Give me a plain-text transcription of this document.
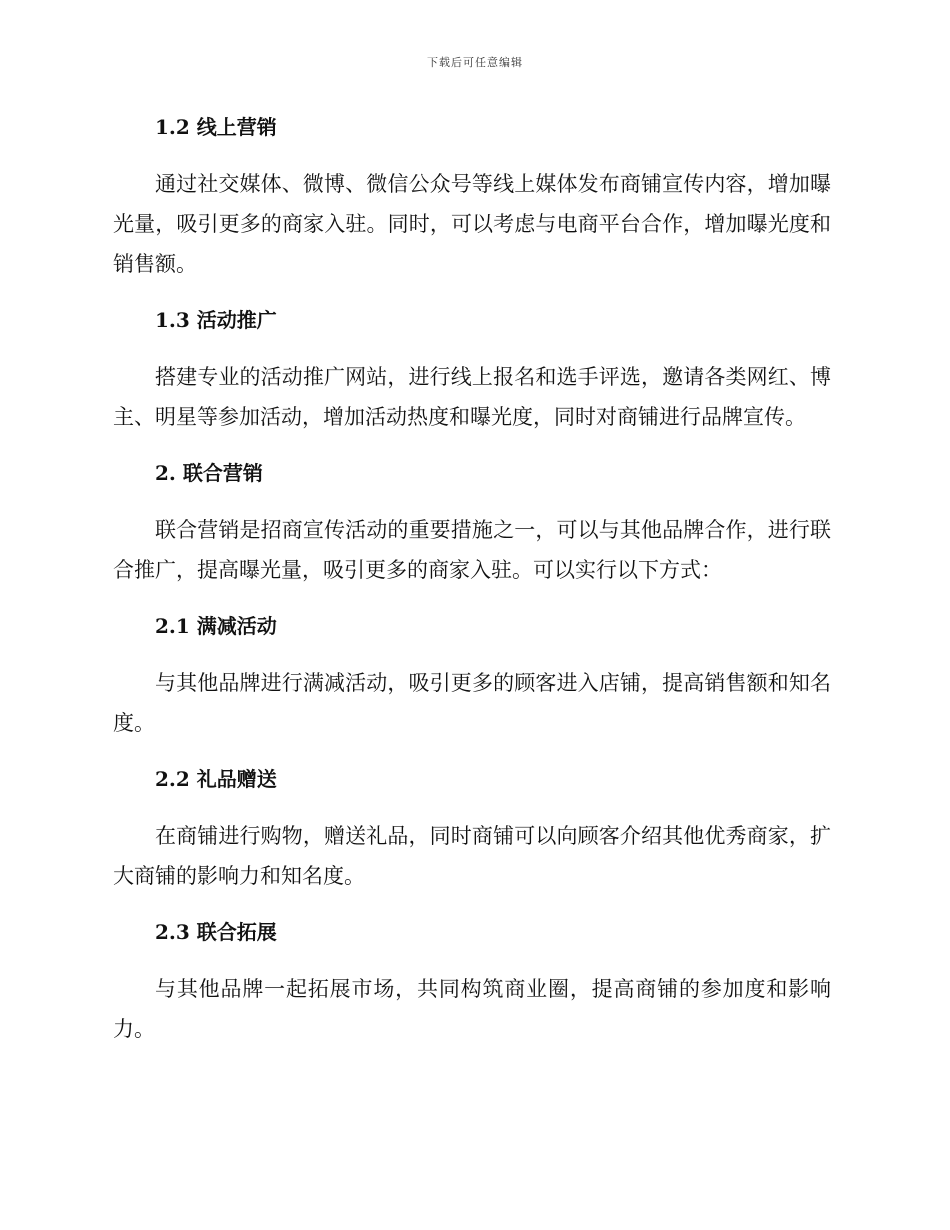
下载后可任意编辑
1.2 线上营销

通过社交媒体、微博、微信公众号等线上媒体发布商铺宣传内容，增加曝光量，吸引更多的商家入驻。同时，可以考虑与电商平台合作，增加曝光度和销售额。

1.3 活动推广

搭建专业的活动推广网站，进行线上报名和选手评选，邀请各类网红、博主、明星等参加活动，增加活动热度和曝光度，同时对商铺进行品牌宣传。

2. 联合营销

联合营销是招商宣传活动的重要措施之一，可以与其他品牌合作，进行联合推广，提高曝光量，吸引更多的商家入驻。可以实行以下方式：

2.1 满减活动

与其他品牌进行满减活动，吸引更多的顾客进入店铺，提高销售额和知名度。

2.2 礼品赠送

在商铺进行购物，赠送礼品，同时商铺可以向顾客介绍其他优秀商家，扩大商铺的影响力和知名度。

2.3 联合拓展

与其他品牌一起拓展市场，共同构筑商业圈，提高商铺的参加度和影响力。
